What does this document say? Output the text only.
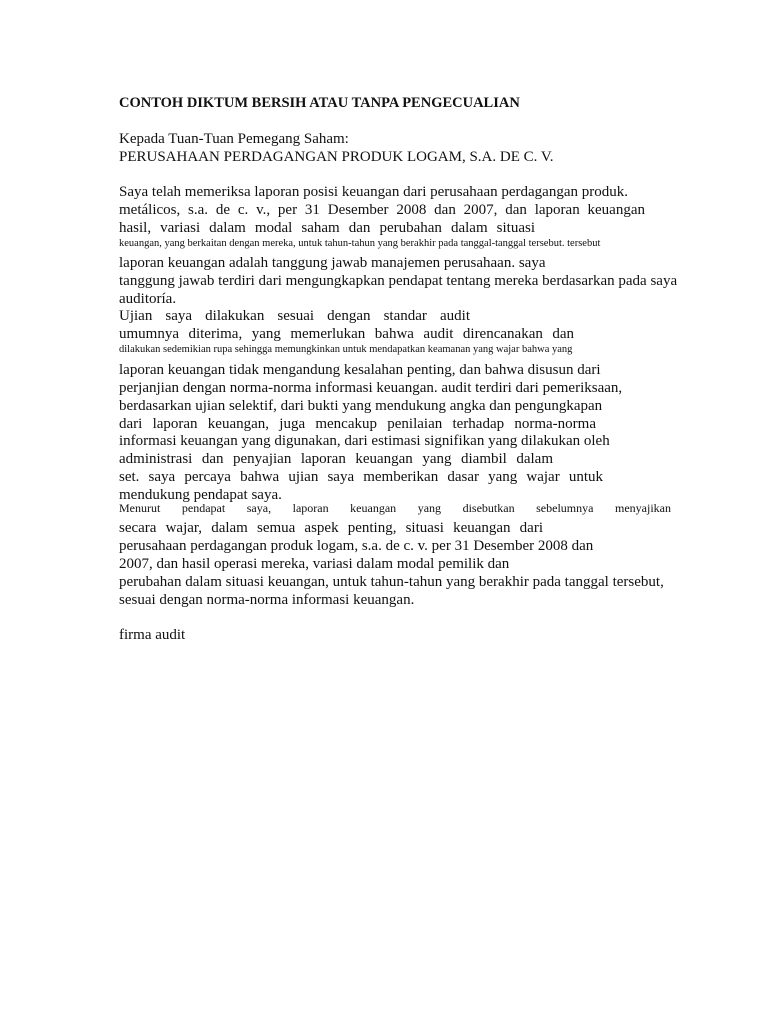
CONTOH DIKTUM BERSIH ATAU TANPA PENGECUALIAN
Kepada Tuan-Tuan Pemegang Saham:
PERUSAHAAN PERDAGANGAN PRODUK LOGAM, S.A. DE C. V.
Saya telah memeriksa laporan posisi keuangan dari perusahaan perdagangan produk.
metálicos, s.a. de c. v., per 31 Desember 2008 dan 2007, dan laporan keuangan
hasil, variasi dalam modal saham dan perubahan dalam situasi
keuangan, yang berkaitan dengan mereka, untuk tahun-tahun yang berakhir pada tanggal-tanggal tersebut. tersebut
laporan keuangan adalah tanggung jawab manajemen perusahaan. saya
tanggung jawab terdiri dari mengungkapkan pendapat tentang mereka berdasarkan pada saya
auditoría.
Ujian saya dilakukan sesuai dengan standar audit
umumnya diterima, yang memerlukan bahwa audit direncanakan dan
dilakukan sedemikian rupa sehingga memungkinkan untuk mendapatkan keamanan yang wajar bahwa yang
laporan keuangan tidak mengandung kesalahan penting, dan bahwa disusun dari
perjanjian dengan norma-norma informasi keuangan. audit terdiri dari pemeriksaan,
berdasarkan ujian selektif, dari bukti yang mendukung angka dan pengungkapan
dari laporan keuangan, juga mencakup penilaian terhadap norma-norma
informasi keuangan yang digunakan, dari estimasi signifikan yang dilakukan oleh
administrasi dan penyajian laporan keuangan yang diambil dalam
set. saya percaya bahwa ujian saya memberikan dasar yang wajar untuk
mendukung pendapat saya.
Menurut pendapat saya, laporan keuangan yang disebutkan sebelumnya menyajikan
secara wajar, dalam semua aspek penting, situasi keuangan dari
perusahaan perdagangan produk logam, s.a. de c. v. per 31 Desember 2008 dan
2007, dan hasil operasi mereka, variasi dalam modal pemilik dan
perubahan dalam situasi keuangan, untuk tahun-tahun yang berakhir pada tanggal tersebut,
sesuai dengan norma-norma informasi keuangan.
firma audit
